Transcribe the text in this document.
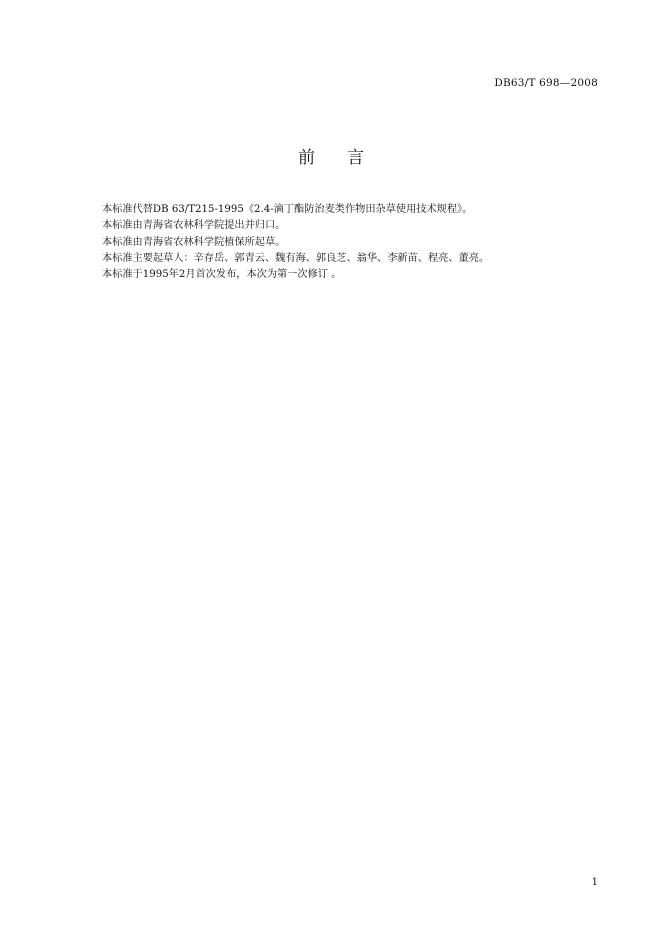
DB63/T 698—2008
前言
本标准代替DB 63/T215-1995《2.4-滴丁酯防治麦类作物田杂草使用技术规程》。
本标准由青海省农林科学院提出并归口。
本标准由青海省农林科学院植保所起草。
本标准主要起草人：辛存岳、郭青云、魏有海、郭良芝、翁华、李新苗、程亮、董亮。
本标准于1995年2月首次发布，本次为第一次修订 。
1
